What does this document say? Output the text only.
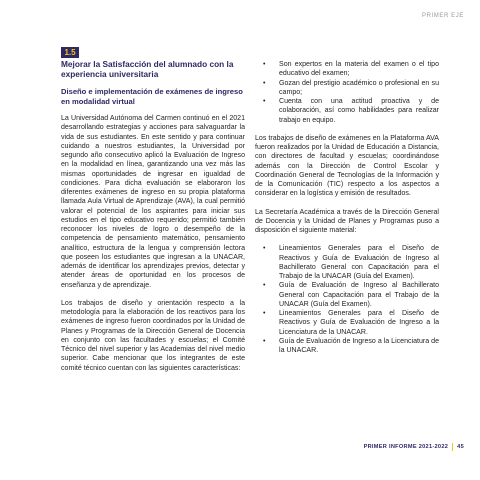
PRIMER EJE
1.5
Mejorar la Satisfacción del alumnado con la experiencia universitaria
Diseño e implementación de exámenes de ingreso en modalidad virtual

La Universidad Autónoma del Carmen continuó en el 2021 desarrollando estrategias y acciones para salvaguardar la vida de sus estudiantes. En este sentido y para continuar cuidando a nuestros estudiantes, la Universidad por segundo año consecutivo aplicó la Evaluación de Ingreso en la modalidad en línea, garantizando una vez más las mismas oportunidades de ingresar en igualdad de condiciones. Para dicha evaluación se elaboraron los diferentes exámenes de ingreso en su propia plataforma llamada Aula Virtual de Aprendizaje (AVA), la cual permitió valorar el potencial de los aspirantes para iniciar sus estudios en el tipo educativo requerido; permitió también reconocer los niveles de logro o desempeño de la competencia de pensamiento matemático, pensamiento analítico, estructura de la lengua y comprensión lectora que poseen los estudiantes que ingresan a la UNACAR, además de identificar los aprendizajes previos, detectar y atender áreas de oportunidad en los procesos de enseñanza y de aprendizaje.

Los trabajos de diseño y orientación respecto a la metodología para la elaboración de los reactivos para los exámenes de ingreso fueron coordinados por la Unidad de Planes y Programas de la Dirección General de Docencia en conjunto con las facultades y escuelas; el Comité Técnico del nivel superior y las Academias del nivel medio superior. Cabe mencionar que los integrantes de este comité técnico cuentan con las siguientes características:

• Son expertos en la materia del examen o el tipo educativo del examen;
• Gozan del prestigio académico o profesional en su campo;
• Cuenta con una actitud proactiva y de colaboración, así como habilidades para realizar trabajo en equipo.

Los trabajos de diseño de exámenes en la Plataforma AVA fueron realizados por la Unidad de Educación a Distancia, con directores de facultad y escuelas; coordinándose además con la Dirección de Control Escolar y Coordinación General de Tecnologías de la Información y de la Comunicación (TIC) respecto a los aspectos a considerar en la logística y emisión de resultados.

La Secretaría Académica a través de la Dirección General de Docencia y la Unidad de Planes y Programas puso a disposición el siguiente material:

• Lineamientos Generales para el Diseño de Reactivos y Guía de Evaluación de Ingreso al Bachillerato General con Capacitación para el Trabajo de la UNACAR (Guía del Examen).
• Guía de Evaluación de Ingreso al Bachillerato General con Capacitación para el Trabajo de la UNACAR (Guía del Examen).
• Lineamientos Generales para el Diseño de Reactivos y Guía de Evaluación de Ingreso a la Licenciatura de la UNACAR.
• Guía de Evaluación de Ingreso a la Licenciatura de la UNACAR.
PRIMER INFORME 2021-2022 45
